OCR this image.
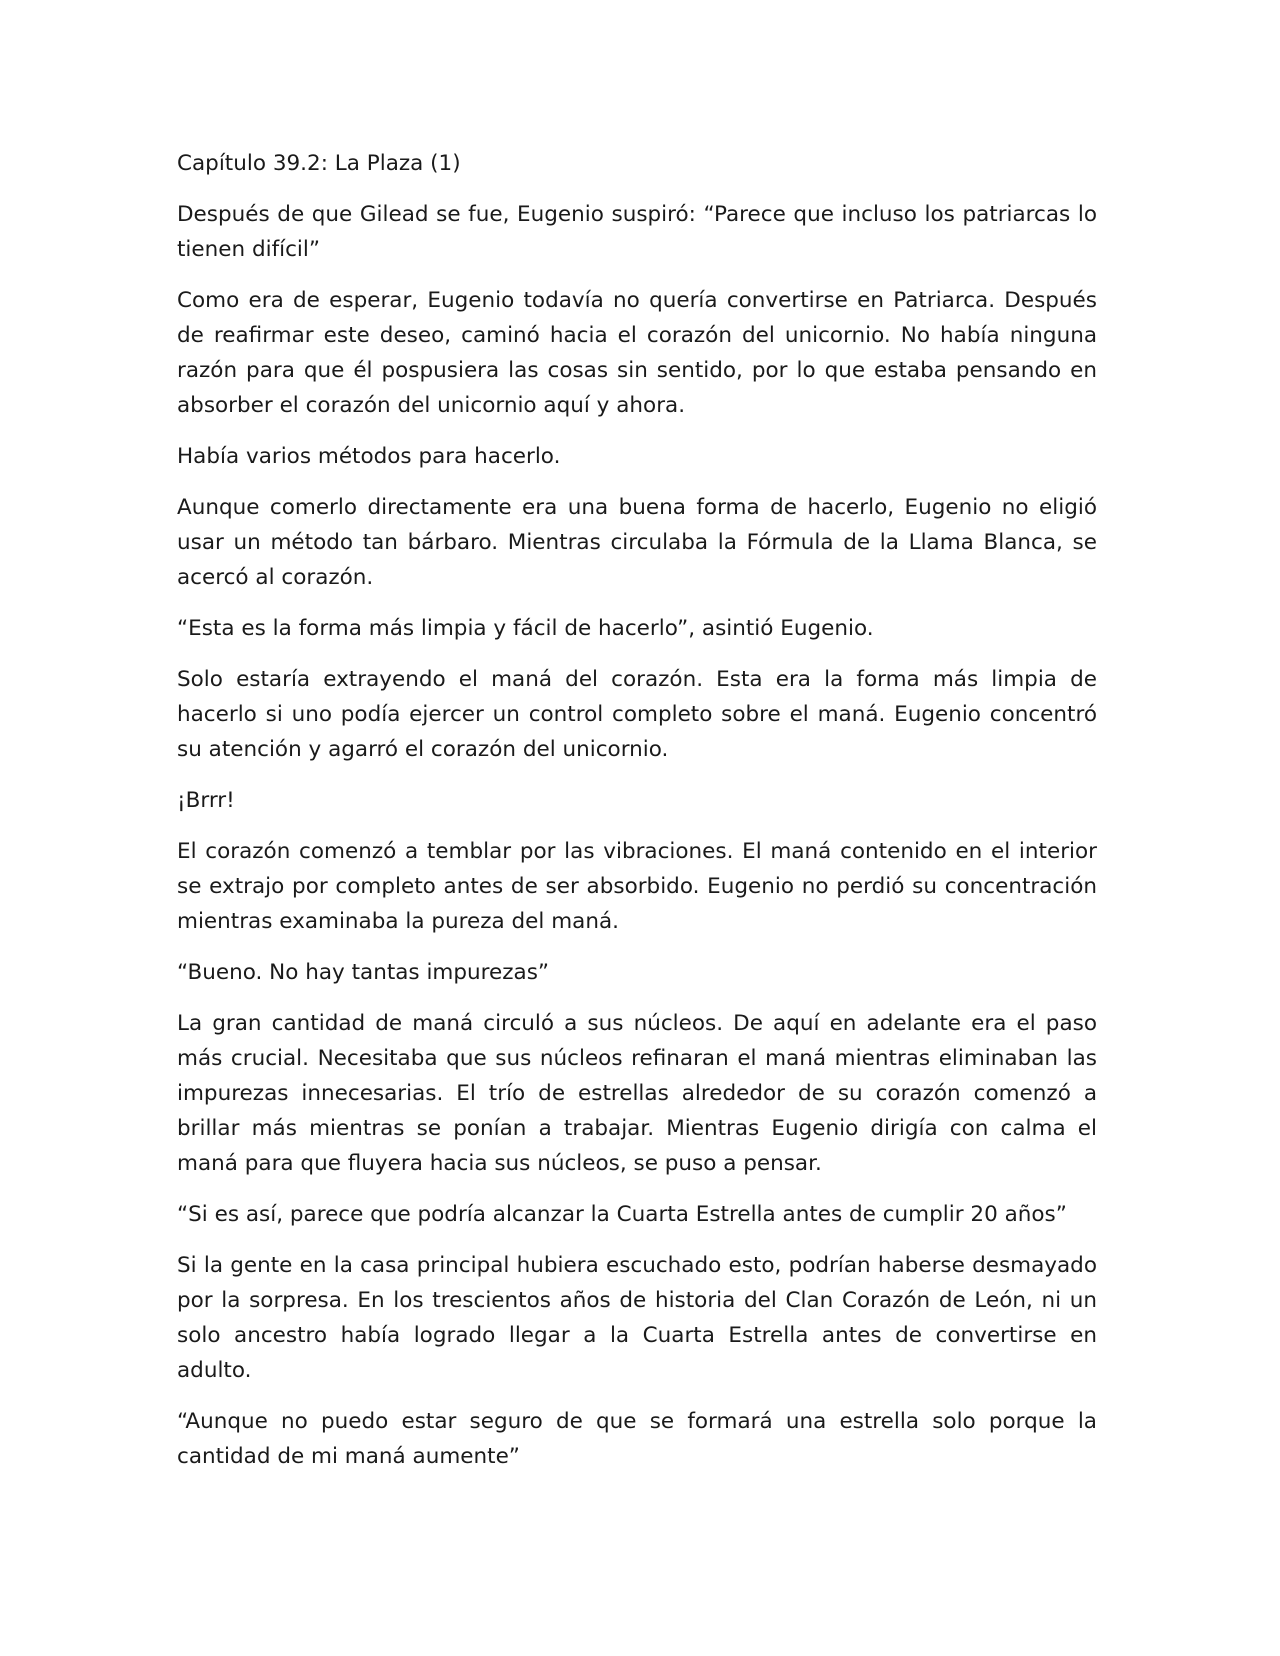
Capítulo 39.2: La Plaza (1)

Después de que Gilead se fue, Eugenio suspiró: “Parece que incluso los patriarcas lo tienen difícil”

Como era de esperar, Eugenio todavía no quería convertirse en Patriarca. Después de reafirmar este deseo, caminó hacia el corazón del unicornio. No había ninguna razón para que él pospusiera las cosas sin sentido, por lo que estaba pensando en absorber el corazón del unicornio aquí y ahora.

Había varios métodos para hacerlo.

Aunque comerlo directamente era una buena forma de hacerlo, Eugenio no eligió usar un método tan bárbaro. Mientras circulaba la Fórmula de la Llama Blanca, se acercó al corazón.

“Esta es la forma más limpia y fácil de hacerlo”, asintió Eugenio.

Solo estaría extrayendo el maná del corazón. Esta era la forma más limpia de hacerlo si uno podía ejercer un control completo sobre el maná. Eugenio concentró su atención y agarró el corazón del unicornio.

¡Brrr!

El corazón comenzó a temblar por las vibraciones. El maná contenido en el interior se extrajo por completo antes de ser absorbido. Eugenio no perdió su concentración mientras examinaba la pureza del maná.

“Bueno. No hay tantas impurezas”

La gran cantidad de maná circuló a sus núcleos. De aquí en adelante era el paso más crucial. Necesitaba que sus núcleos refinaran el maná mientras eliminaban las impurezas innecesarias. El trío de estrellas alrededor de su corazón comenzó a brillar más mientras se ponían a trabajar. Mientras Eugenio dirigía con calma el maná para que fluyera hacia sus núcleos, se puso a pensar.

“Si es así, parece que podría alcanzar la Cuarta Estrella antes de cumplir 20 años”

Si la gente en la casa principal hubiera escuchado esto, podrían haberse desmayado por la sorpresa. En los trescientos años de historia del Clan Corazón de León, ni un solo ancestro había logrado llegar a la Cuarta Estrella antes de convertirse en adulto.

“Aunque no puedo estar seguro de que se formará una estrella solo porque la cantidad de mi maná aumente”
